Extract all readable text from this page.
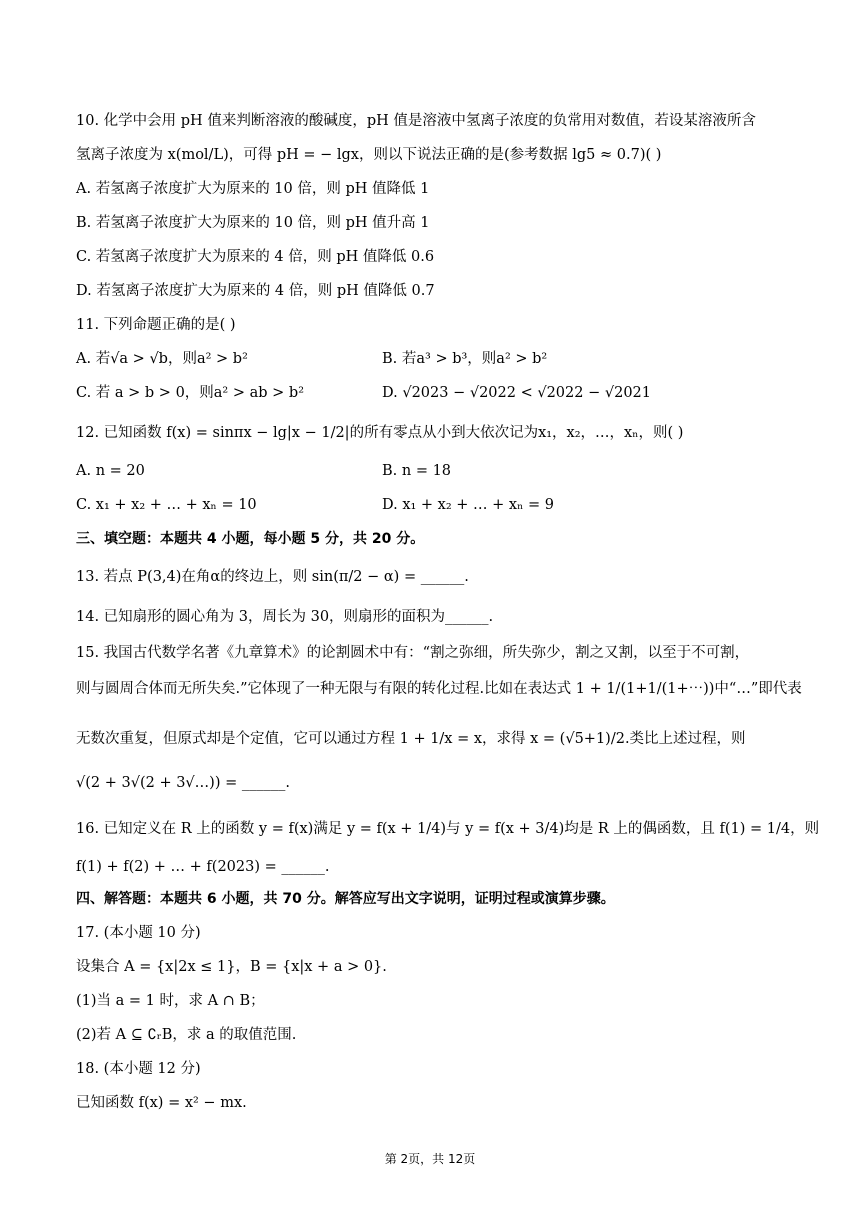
10. 化学中会用 pH 值来判断溶液的酸碱度，pH 值是溶液中氢离子浓度的负常用对数值，若设某溶液所含
氢离子浓度为 x(mol/L)，可得 pH = − lgx，则以下说法正确的是(参考数据 lg5 ≈ 0.7)( )
A. 若氢离子浓度扩大为原来的 10 倍，则 pH 值降低 1
B. 若氢离子浓度扩大为原来的 10 倍，则 pH 值升高 1
C. 若氢离子浓度扩大为原来的 4 倍，则 pH 值降低 0.6
D. 若氢离子浓度扩大为原来的 4 倍，则 pH 值降低 0.7
11. 下列命题正确的是( )
A. 若√a > √b，则a² > b²	B. 若a³ > b³，则a² > b²
C. 若 a > b > 0，则a² > ab > b²	D. √2023 − √2022 < √2022 − √2021
12. 已知函数 f(x) = sinπx − lg|x − 1/2|的所有零点从小到大依次记为x₁，x₂，…，xₙ，则( )
A. n = 20	B. n = 18
C. x₁ + x₂ + … + xₙ = 10	D. x₁ + x₂ + … + xₙ = 9
三、填空题：本题共 4 小题，每小题 5 分，共 20 分。
13. 若点 P(3,4)在角α的终边上，则 sin(π/2 − α) = ______.
14. 已知扇形的圆心角为 3，周长为 30，则扇形的面积为______.
15. 我国古代数学名著《九章算术》的论割圆术中有：“割之弥细，所失弥少，割之又割，以至于不可割，
则与圆周合体而无所失矣.”它体现了一种无限与有限的转化过程.比如在表达式 1 + 1/(1+1/(1+⋯))中“…”即代表
无数次重复，但原式却是个定值，它可以通过方程 1 + 1/x = x，求得 x = (√5+1)/2.类比上述过程，则
√(2 + 3√(2 + 3√…)) = ______.
16. 已知定义在 R 上的函数 y = f(x)满足 y = f(x + 1/4)与 y = f(x + 3/4)均是 R 上的偶函数，且 f(1) = 1/4，则
f(1) + f(2) + … + f(2023) = ______.
四、解答题：本题共 6 小题，共 70 分。解答应写出文字说明，证明过程或演算步骤。
17. (本小题 10 分)
设集合 A = {x|2x ≤ 1}，B = {x|x + a > 0}.
(1)当 a = 1 时，求 A ∩ B；
(2)若 A ⊆ ∁ᵣB，求 a 的取值范围.
18. (本小题 12 分)
已知函数 f(x) = x² − mx.
第 2页，共 12页
